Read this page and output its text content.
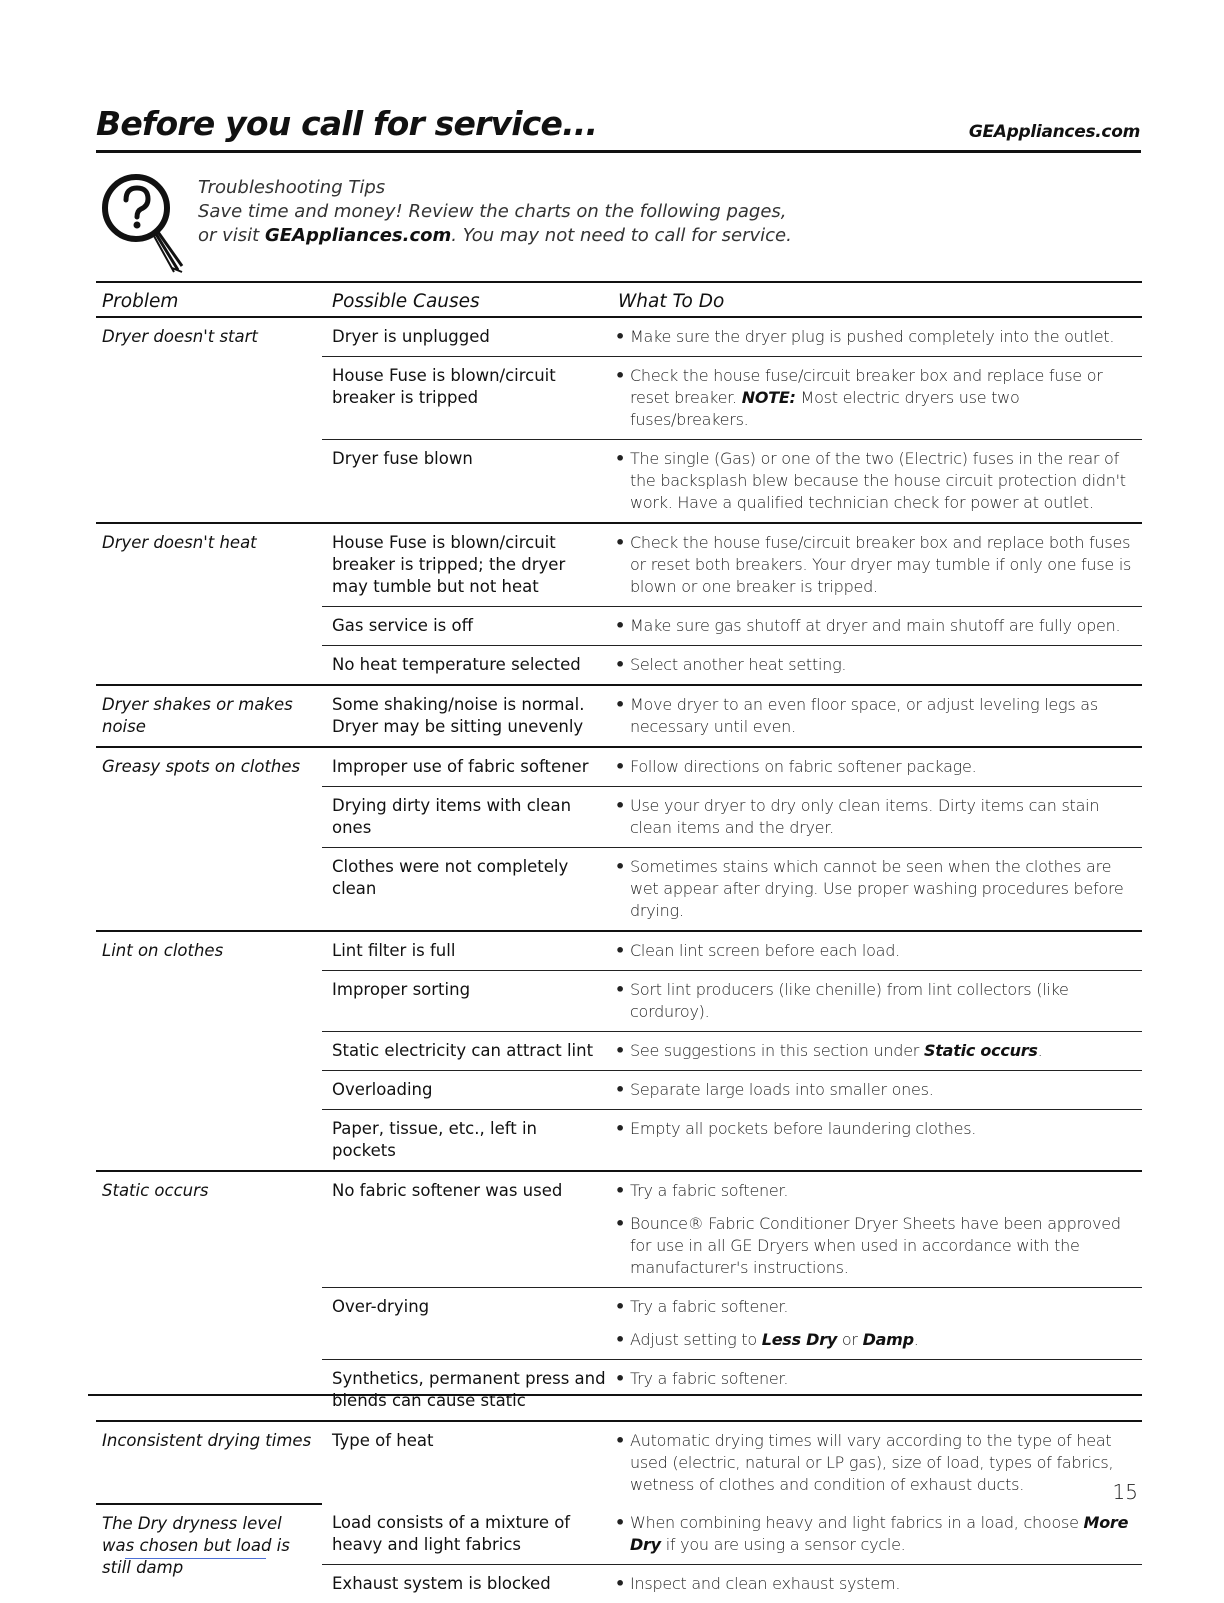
Before you call for service...	GEAppliances.com
Troubleshooting Tips
Save time and money! Review the charts on the following pages,
or visit GEAppliances.com. You may not need to call for service.
Problem	Possible Causes	What To Do
Dryer doesn't start	Dryer is unplugged	• Make sure the dryer plug is pushed completely into the outlet.

	House Fuse is blown/circuit breaker is tripped	• Check the house fuse/circuit breaker box and replace fuse or reset breaker. NOTE: Most electric dryers use two fuses/breakers.

	Dryer fuse blown	• The single (Gas) or one of the two (Electric) fuses in the rear of the backsplash blew because the house circuit protection didn't work. Have a qualified technician check for power at outlet.

Dryer doesn't heat	House Fuse is blown/circuit breaker is tripped; the dryer may tumble but not heat	• Check the house fuse/circuit breaker box and replace both fuses or reset both breakers. Your dryer may tumble if only one fuse is blown or one breaker is tripped.

	Gas service is off	• Make sure gas shutoff at dryer and main shutoff are fully open.

	No heat temperature selected	• Select another heat setting.

Dryer shakes or makes noise	Some shaking/noise is normal. Dryer may be sitting unevenly	• Move dryer to an even floor space, or adjust leveling legs as necessary until even.

Greasy spots on clothes	Improper use of fabric softener	• Follow directions on fabric softener package.

	Drying dirty items with clean ones	• Use your dryer to dry only clean items. Dirty items can stain clean items and the dryer.

	Clothes were not completely clean	• Sometimes stains which cannot be seen when the clothes are wet appear after drying. Use proper washing procedures before drying.

Lint on clothes	Lint filter is full	• Clean lint screen before each load.

	Improper sorting	• Sort lint producers (like chenille) from lint collectors (like corduroy).

	Static electricity can attract lint	• See suggestions in this section under Static occurs.

	Overloading	• Separate large loads into smaller ones.

	Paper, tissue, etc., left in pockets	• Empty all pockets before laundering clothes.

Static occurs	No fabric softener was used	• Try a fabric softener.
• Bounce® Fabric Conditioner Dryer Sheets have been approved for use in all GE Dryers when used in accordance with the manufacturer's instructions.

	Over-drying	• Try a fabric softener.
• Adjust setting to Less Dry or Damp.

	Synthetics, permanent press and blends can cause static	• Try a fabric softener.

Inconsistent drying times	Type of heat	• Automatic drying times will vary according to the type of heat used (electric, natural or LP gas), size of load, types of fabrics, wetness of clothes and condition of exhaust ducts.

The Dry dryness level was chosen but load is still damp	Load consists of a mixture of heavy and light fabrics	• When combining heavy and light fabrics in a load, choose More Dry if you are using a sensor cycle.

	Exhaust system is blocked	• Inspect and clean exhaust system.
15
